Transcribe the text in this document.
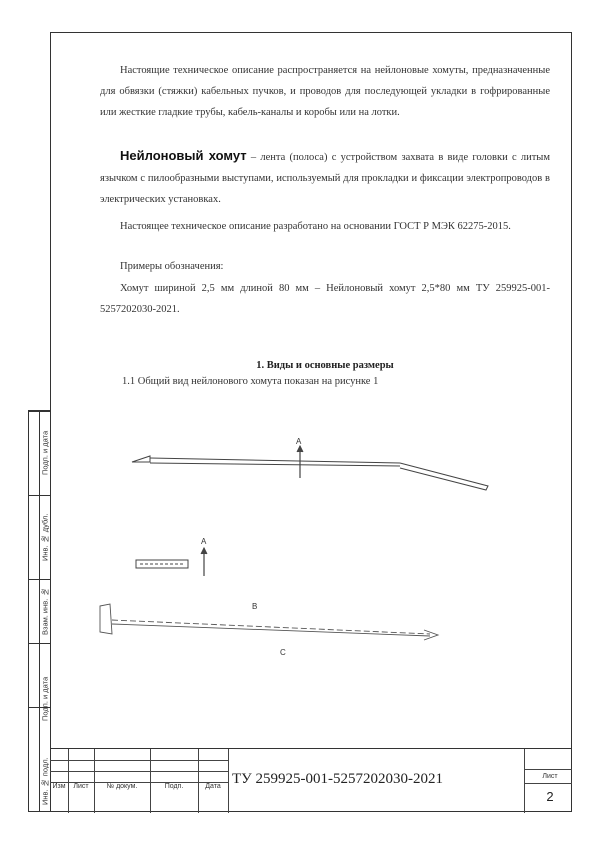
Инв. № подл.
Подп. и дата
Взам. инв. №
Инв. № дубл.
Подп. и дата
Настоящие техническое описание распространяется на нейлоновые хомуты, предназначенные для обвязки (стяжки) кабельных пучков, и проводов для последующей укладки в гофрированные или жесткие гладкие трубы, кабель-каналы и коробы или на лотки.
Нейлоновый хомут – лента (полоса) с устройством захвата в виде головки с литым язычком с пилообразными выступами, используемый для прокладки и фиксации электропроводов в электрических установках.
Настоящее техническое описание разработано на основании ГОСТ Р МЭК 62275-2015.
Примеры обозначения:
Хомут шириной 2,5 мм длиной 80 мм – Нейлоновый хомут 2,5*80 мм ТУ 259925-001-5257202030-2021.
1. Виды и основные размеры
1.1 Общий вид нейлонового хомута показан на рисунке 1
A
A
B
C
Изм	Лист	№ докум.	Подп.	Дата ТУ 259925-001-5257202030-2021	Лист
2
